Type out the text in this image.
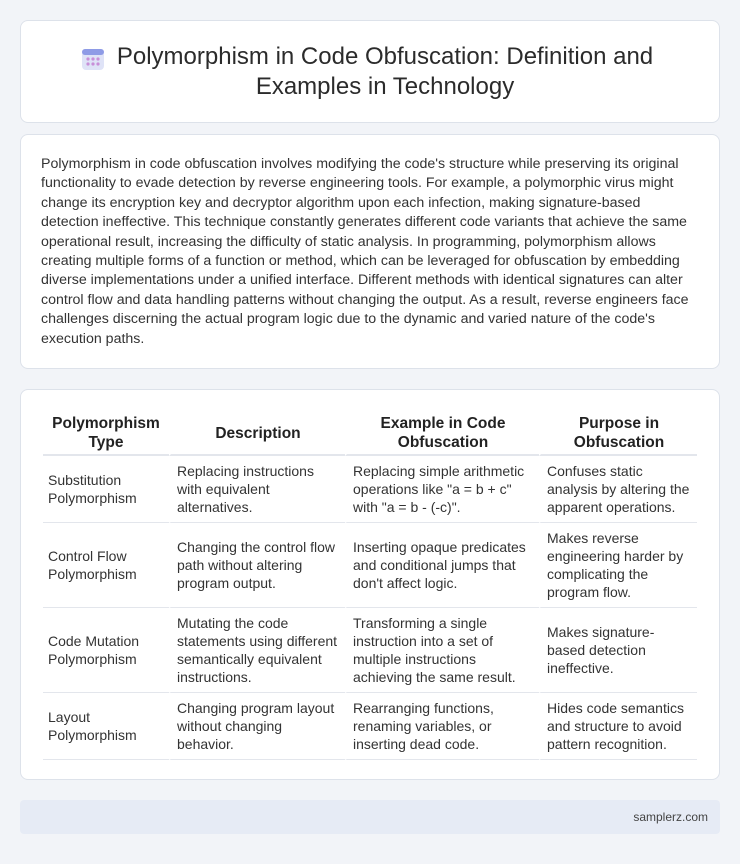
Polymorphism in Code Obfuscation: Definition and Examples in Technology

Polymorphism in code obfuscation involves modifying the code's structure while preserving its original functionality to evade detection by reverse engineering tools. For example, a polymorphic virus might change its encryption key and decryptor algorithm upon each infection, making signature-based detection ineffective. This technique constantly generates different code variants that achieve the same operational result, increasing the difficulty of static analysis. In programming, polymorphism allows creating multiple forms of a function or method, which can be leveraged for obfuscation by embedding diverse implementations under a unified interface. Different methods with identical signatures can alter control flow and data handling patterns without changing the output. As a result, reverse engineers face challenges discerning the actual program logic due to the dynamic and varied nature of the code's execution paths.

Polymorphism Type	Description	Example in Code Obfuscation	Purpose in Obfuscation
Substitution Polymorphism	Replacing instructions with equivalent alternatives.	Replacing simple arithmetic operations like "a = b + c" with "a = b - (-c)".	Confuses static analysis by altering the apparent operations.
Control Flow Polymorphism	Changing the control flow path without altering program output.	Inserting opaque predicates and conditional jumps that don't affect logic.	Makes reverse engineering harder by complicating the program flow.
Code Mutation Polymorphism	Mutating the code statements using different semantically equivalent instructions.	Transforming a single instruction into a set of multiple instructions achieving the same result.	Makes signature-based detection ineffective.
Layout Polymorphism	Changing program layout without changing behavior.	Rearranging functions, renaming variables, or inserting dead code.	Hides code semantics and structure to avoid pattern recognition.
samplerz.com
